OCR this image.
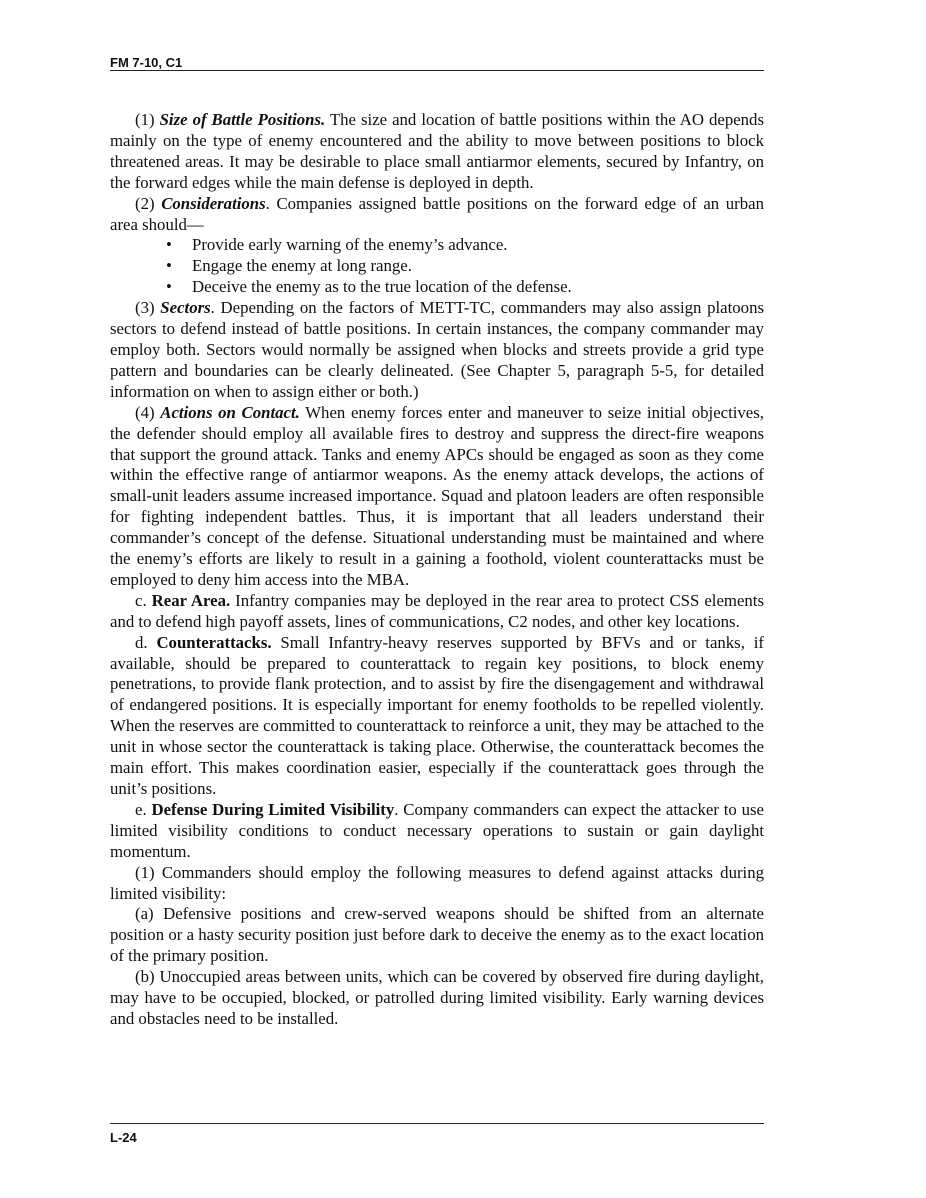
FM 7-10, C1

(1) Size of Battle Positions. The size and location of battle positions within the AO depends mainly on the type of enemy encountered and the ability to move between positions to block threatened areas. It may be desirable to place small antiarmor elements, secured by Infantry, on the forward edges while the main defense is deployed in depth.

(2) Considerations. Companies assigned battle positions on the forward edge of an urban area should—

• Provide early warning of the enemy’s advance.
• Engage the enemy at long range.
• Deceive the enemy as to the true location of the defense.

(3) Sectors. Depending on the factors of METT-TC, commanders may also assign platoons sectors to defend instead of battle positions. In certain instances, the company commander may employ both. Sectors would normally be assigned when blocks and streets provide a grid type pattern and boundaries can be clearly delineated. (See Chapter 5, paragraph 5-5, for detailed information on when to assign either or both.)

(4) Actions on Contact. When enemy forces enter and maneuver to seize initial objectives, the defender should employ all available fires to destroy and suppress the direct-fire weapons that support the ground attack. Tanks and enemy APCs should be engaged as soon as they come within the effective range of antiarmor weapons. As the enemy attack develops, the actions of small-unit leaders assume increased importance. Squad and platoon leaders are often responsible for fighting independent battles. Thus, it is important that all leaders understand their commander’s concept of the defense. Situational understanding must be maintained and where the enemy’s efforts are likely to result in a gaining a foothold, violent counterattacks must be employed to deny him access into the MBA.

c. Rear Area. Infantry companies may be deployed in the rear area to protect CSS elements and to defend high payoff assets, lines of communications, C2 nodes, and other key locations.

d. Counterattacks. Small Infantry-heavy reserves supported by BFVs and or tanks, if available, should be prepared to counterattack to regain key positions, to block enemy penetrations, to provide flank protection, and to assist by fire the disengagement and withdrawal of endangered positions. It is especially important for enemy footholds to be repelled violently. When the reserves are committed to counterattack to reinforce a unit, they may be attached to the unit in whose sector the counterattack is taking place. Otherwise, the counterattack becomes the main effort. This makes coordination easier, especially if the counterattack goes through the unit’s positions.

e. Defense During Limited Visibility. Company commanders can expect the attacker to use limited visibility conditions to conduct necessary operations to sustain or gain daylight momentum.

(1) Commanders should employ the following measures to defend against attacks during limited visibility:

(a) Defensive positions and crew-served weapons should be shifted from an alternate position or a hasty security position just before dark to deceive the enemy as to the exact location of the primary position.

(b) Unoccupied areas between units, which can be covered by observed fire during daylight, may have to be occupied, blocked, or patrolled during limited visibility. Early warning devices and obstacles need to be installed.

L-24
